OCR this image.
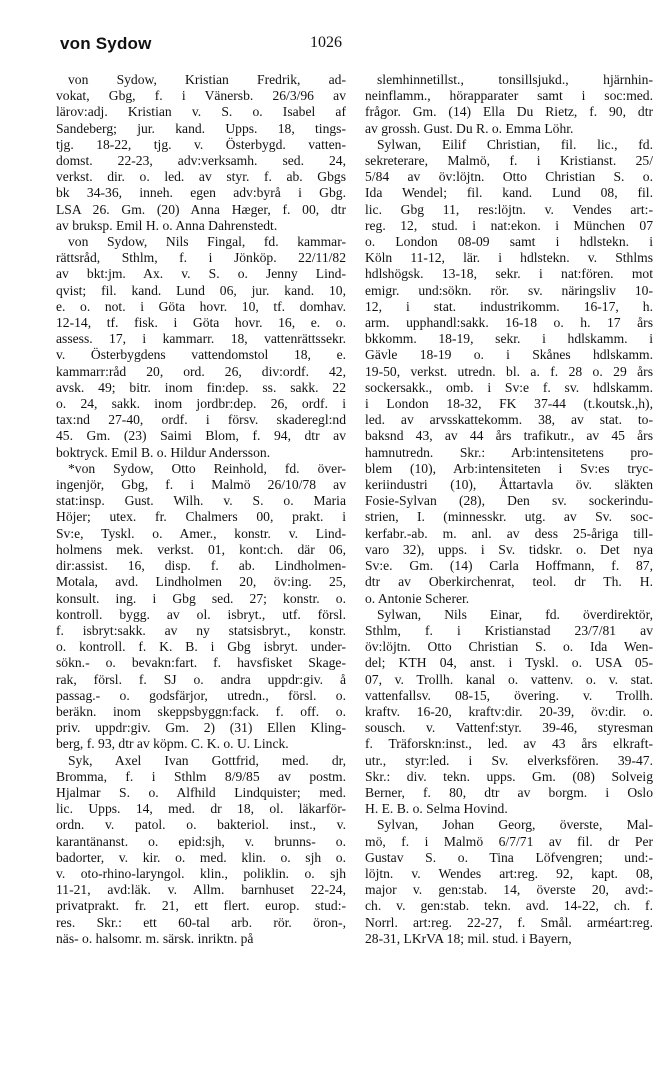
von Sydow	1026
von Sydow, Kristian Fredrik, ad-
vokat, Gbg, f. i Vänersb. 26/3/96 av
lärov:adj. Kristian v. S. o. Isabel af
Sandeberg; jur. kand. Upps. 18, tings-
tjg. 18-22, tjg. v. Österbygd. vatten-
domst. 22-23, adv:verksamh. sed. 24,
verkst. dir. o. led. av styr. f. ab. Gbgs
bk 34-36, inneh. egen adv:byrå i Gbg.
LSA 26. Gm. (20) Anna Hæger, f. 00, dtr
av bruksp. Emil H. o. Anna Dahrenstedt.
von Sydow, Nils Fingal, fd. kammar-
rättsråd, Sthlm, f. i Jönköp. 22/11/82
av bkt:jm. Ax. v. S. o. Jenny Lind-
qvist; fil. kand. Lund 06, jur. kand. 10,
e. o. not. i Göta hovr. 10, tf. domhav.
12-14, tf. fisk. i Göta hovr. 16, e. o.
assess. 17, i kammarr. 18, vattenrättssekr.
v. Österbygdens vattendomstol 18, e.
kammarr:råd 20, ord. 26, div:ordf. 42,
avsk. 49; bitr. inom fin:dep. ss. sakk. 22
o. 24, sakk. inom jordbr:dep. 26, ordf. i
tax:nd 27-40, ordf. i försv. skaderegl:nd
45. Gm. (23) Saimi Blom, f. 94, dtr av
boktryck. Emil B. o. Hildur Andersson.
*von Sydow, Otto Reinhold, fd. över-
ingenjör, Gbg, f. i Malmö 26/10/78 av
stat:insp. Gust. Wilh. v. S. o. Maria
Höjer; utex. fr. Chalmers 00, prakt. i
Sv:e, Tyskl. o. Amer., konstr. v. Lind-
holmens mek. verkst. 01, kont:ch. där 06,
dir:assist. 16, disp. f. ab. Lindholmen-
Motala, avd. Lindholmen 20, öv:ing. 25,
konsult. ing. i Gbg sed. 27; konstr. o.
kontroll. bygg. av ol. isbryt., utf. försl.
f. isbryt:sakk. av ny statsisbryt., konstr.
o. kontroll. f. K. B. i Gbg isbryt. under-
sökn.- o. bevakn:fart. f. havsfisket Skage-
rak, försl. f. SJ o. andra uppdr:giv. å
passag.- o. godsfärjor, utredn., försl. o.
beräkn. inom skeppsbyggn:fack. f. off. o.
priv. uppdr:giv. Gm. 2) (31) Ellen Kling-
berg, f. 93, dtr av köpm. C. K. o. U. Linck.
Syk, Axel Ivan Gottfrid, med. dr,
Bromma, f. i Sthlm 8/9/85 av postm.
Hjalmar S. o. Alfhild Lindquister; med.
lic. Upps. 14, med. dr 18, ol. läkarför-
ordn. v. patol. o. bakteriol. inst., v.
karantänanst. o. epid:sjh, v. brunns- o.
badorter, v. kir. o. med. klin. o. sjh o.
v. oto-rhino-laryngol. klin., poliklin. o. sjh
11-21, avd:läk. v. Allm. barnhuset 22-24,
privatprakt. fr. 21, ett flert. europ. stud:-
res. Skr.: ett 60-tal arb. rör. öron-,
näs- o. halsomr. m. särsk. inriktn. på
slemhinnetillst., tonsillsjukd., hjärnhin-
neinflamm., hörapparater samt i soc:med.
frågor. Gm. (14) Ella Du Rietz, f. 90, dtr
av grossh. Gust. Du R. o. Emma Löhr.
Sylwan, Eilif Christian, fil. lic., fd.
sekreterare, Malmö, f. i Kristianst. 25/
5/84 av öv:löjtn. Otto Christian S. o.
Ida Wendel; fil. kand. Lund 08, fil.
lic. Gbg 11, res:löjtn. v. Vendes art:-
reg. 12, stud. i nat:ekon. i München 07
o. London 08-09 samt i hdlstekn. i
Köln 11-12, lär. i hdlstekn. v. Sthlms
hdlshögsk. 13-18, sekr. i nat:fören. mot
emigr. und:sökn. rör. sv. näringsliv 10-
12, i stat. industrikomm. 16-17, h.
arm. upphandl:sakk. 16-18 o. h. 17 års
bkkomm. 18-19, sekr. i hdlskamm. i
Gävle 18-19 o. i Skånes hdlskamm.
19-50, verkst. utredn. bl. a. f. 28 o. 29 års
sockersakk., omb. i Sv:e f. sv. hdlskamm.
i London 18-32, FK 37-44 (t.koutsk.,h),
led. av arvsskattekomm. 38, av stat. to-
baksnd 43, av 44 års trafikutr., av 45 års
hamnutredn. Skr.: Arb:intensitetens pro-
blem (10), Arb:intensiteten i Sv:es tryc-
keriindustri (10), Åttartavla öv. släkten
Fosie-Sylvan (28), Den sv. sockerindu-
strien, I. (minnesskr. utg. av Sv. soc-
kerfabr.-ab. m. anl. av dess 25-åriga till-
varo 32), upps. i Sv. tidskr. o. Det nya
Sv:e. Gm. (14) Carla Hoffmann, f. 87,
dtr av Oberkirchenrat, teol. dr Th. H.
o. Antonie Scherer.
Sylwan, Nils Einar, fd. överdirektör,
Sthlm, f. i Kristianstad 23/7/81 av
öv:löjtn. Otto Christian S. o. Ida Wen-
del; KTH 04, anst. i Tyskl. o. USA 05-
07, v. Trollh. kanal o. vattenv. o. v. stat.
vattenfallsv. 08-15, övering. v. Trollh.
kraftv. 16-20, kraftv:dir. 20-39, öv:dir. o.
sousch. v. Vattenf:styr. 39-46, styresman
f. Träforskn:inst., led. av 43 års elkraft-
utr., styr:led. i Sv. elverksfören. 39-47.
Skr.: div. tekn. upps. Gm. (08) Solveig
Berner, f. 80, dtr av borgm. i Oslo
H. E. B. o. Selma Hovind.
Sylvan, Johan Georg, överste, Mal-
mö, f. i Malmö 6/7/71 av fil. dr Per
Gustav S. o. Tina Löfvengren; und:-
löjtn. v. Wendes art:reg. 92, kapt. 08,
major v. gen:stab. 14, överste 20, avd:-
ch. v. gen:stab. tekn. avd. 14-22, ch. f.
Norrl. art:reg. 22-27, f. Smål. arméart:reg.
28-31, LKrVA 18; mil. stud. i Bayern,
